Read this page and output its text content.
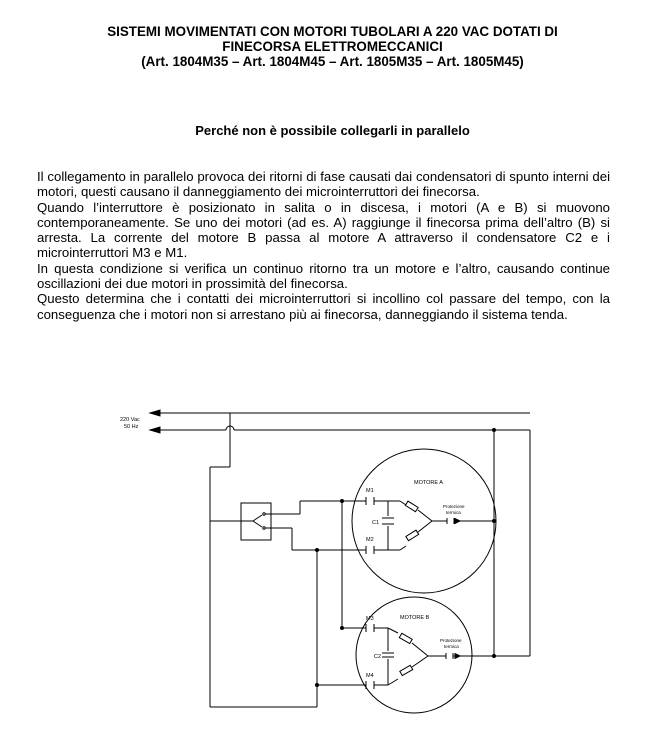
SISTEMI MOVIMENTATI CON MOTORI TUBOLARI A 220 VAC DOTATI DI
FINECORSA ELETTROMECCANICI
(Art. 1804M35 – Art. 1804M45 – Art. 1805M35 – Art. 1805M45)
Perché non è possibile collegarli in parallelo

Il collegamento in parallelo provoca dei ritorni di fase causati dai condensatori di spunto interni dei motori, questi causano il danneggiamento dei microinterruttori dei finecorsa.

Quando l’interruttore è posizionato in salita o in discesa, i motori (A e B) si muovono contemporaneamente. Se uno dei motori (ad es. A) raggiunge il finecorsa prima dell’altro (B) si arresta. La corrente del motore B passa al motore A attraverso il condensatore C2 e i microinterruttori M3 e M1.

In questa condizione si verifica un continuo ritorno tra un motore e l’altro, causando continue oscillazioni dei due motori in prossimità del finecorsa.

Questo determina che i contatti dei microinterruttori si incollino col passare del tempo, con la conseguenza che i motori non si arrestano più ai finecorsa, danneggiando il sistema tenda.

220 Vac
50 Hz
MOTORE A
M1
M2
C1
Protezione
termica
MOTORE B
M3
M4
C2
Protezione
termica
